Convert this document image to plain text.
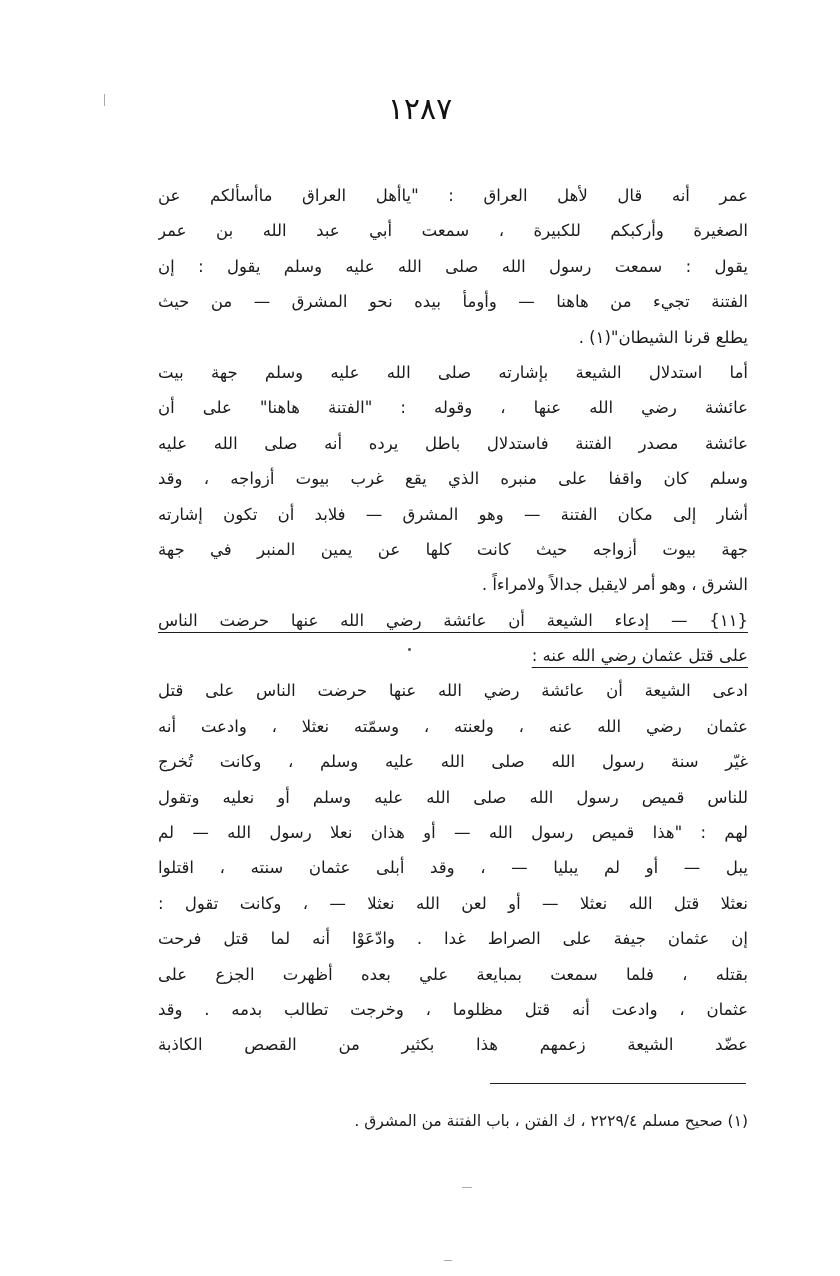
١٢٨٧
عمر أنه قال لأهل العراق : "ياأهل العراق ماأسألكم عن
الصغيرة وأركبكم للكبيرة ، سمعت أبي عبد الله بن عمر
يقول : سمعت رسول الله صلى الله عليه وسلم يقول : إن
الفتنة تجيء من هاهنا — وأومأ بيده نحو المشرق — من حيث
يطلع قرنا الشيطان"(١) .
أما استدلال الشيعة بإشارته صلى الله عليه وسلم جهة بيت
عائشة رضي الله عنها ، وقوله : "الفتنة هاهنا" على أن
عائشة مصدر الفتنة فاستدلال باطل يرده أنه صلى الله عليه
وسلم كان واقفا على منبره الذي يقع غرب بيوت أزواجه ، وقد
أشار إلى مكان الفتنة — وهو المشرق — فلابد أن تكون إشارته
جهة بيوت أزواجه حيث كانت كلها عن يمين المنبر في جهة
الشرق ، وهو أمر لايقبل جدالاً ولامراءاً .
{١١} — إدعاء الشيعة أن عائشة رضي الله عنها حرضت الناس
على قتل عثمان رضي الله عنه :
ادعى الشيعة أن عائشة رضي الله عنها حرضت الناس على قتل
عثمان رضي الله عنه ، ولعنته ، وسمّته نعثلا ، وادعت أنه
غيّر سنة رسول الله صلى الله عليه وسلم ، وكانت تُخرج
للناس قميص رسول الله صلى الله عليه وسلم أو نعليه وتقول
لهم : "هذا قميص رسول الله — أو هذان نعلا رسول الله — لم
يبل — أو لم يبليا — ، وقد أبلى عثمان سنته ، اقتلوا
نعثلا قتل الله نعثلا — أو لعن الله نعثلا — ، وكانت تقول :
إن عثمان جيفة على الصراط غدا . وادّعَوْا أنه لما قتل فرحت
بقتله ، فلما سمعت بمبايعة علي بعده أظهرت الجزع على
عثمان ، وادعت أنه قتل مظلوما ، وخرجت تطالب بدمه . وقد
عضّد الشيعة زعمهم هذا بكثير من القصص الكاذبة
(١) صحيح مسلم ٢٢٢٩/٤ ، ك الفتن ، باب الفتنة من المشرق .
